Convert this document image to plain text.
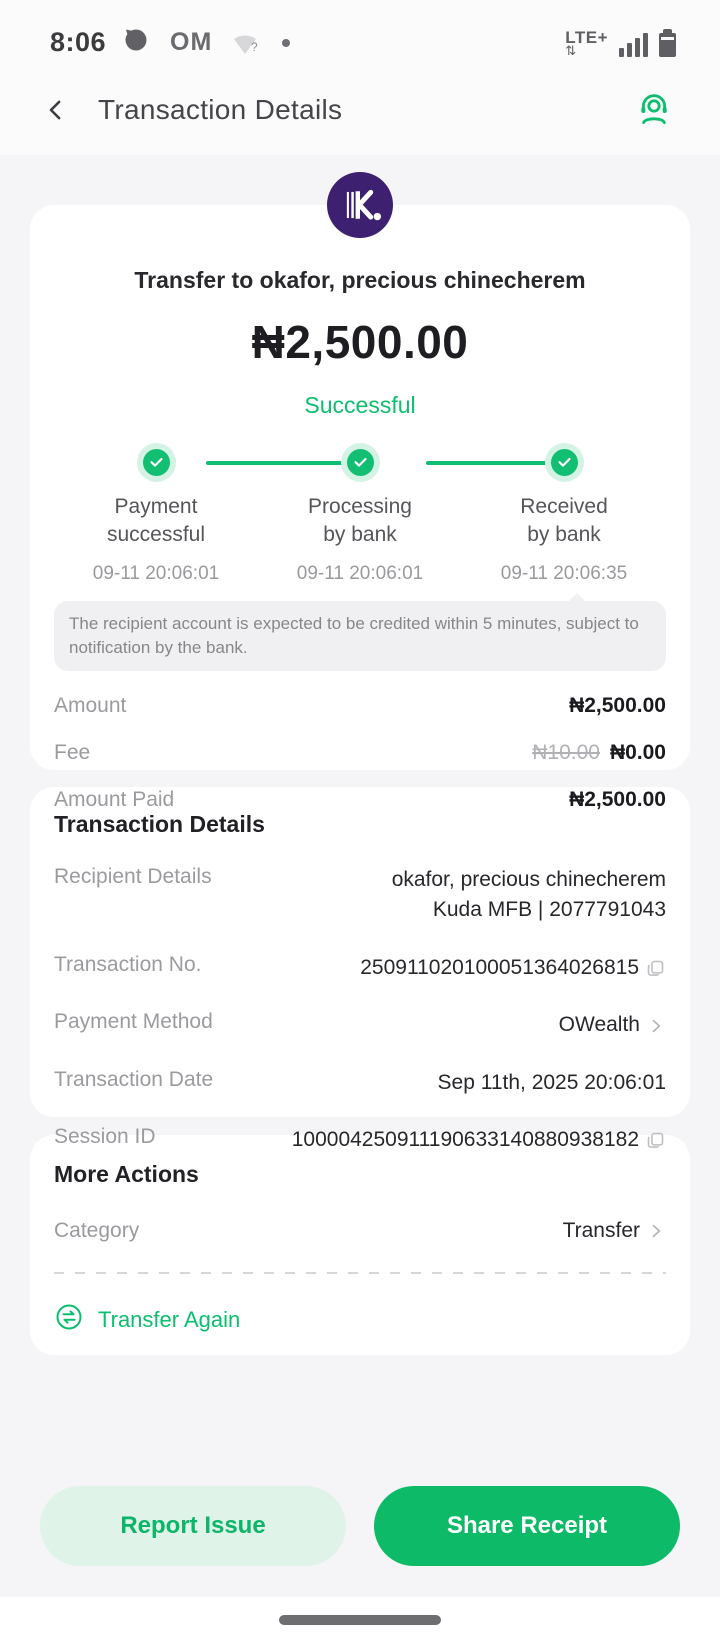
8:06	OM	?	LTE+
⇅
Transaction Details
Transfer to okafor, precious chinecherem
₦2,500.00
Successful
Payment
successful
09-11 20:06:01
Processing
by bank
09-11 20:06:01
Received
by bank
09-11 20:06:35
The recipient account is expected to be credited within 5 minutes, subject to notification by the bank.
Amount	₦2,500.00
Fee	₦10.00 ₦0.00
Amount Paid	₦2,500.00
Transaction Details
Recipient Details	okafor, precious chinecherem
Kuda MFB | 2077791043
Transaction No.	250911020100051364026815
Payment Method	OWealth
Transaction Date	Sep 11th, 2025 20:06:01
Session ID	100004250911190633140880938182
More Actions
Category	Transfer
Transfer Again
Report Issue	Share Receipt
